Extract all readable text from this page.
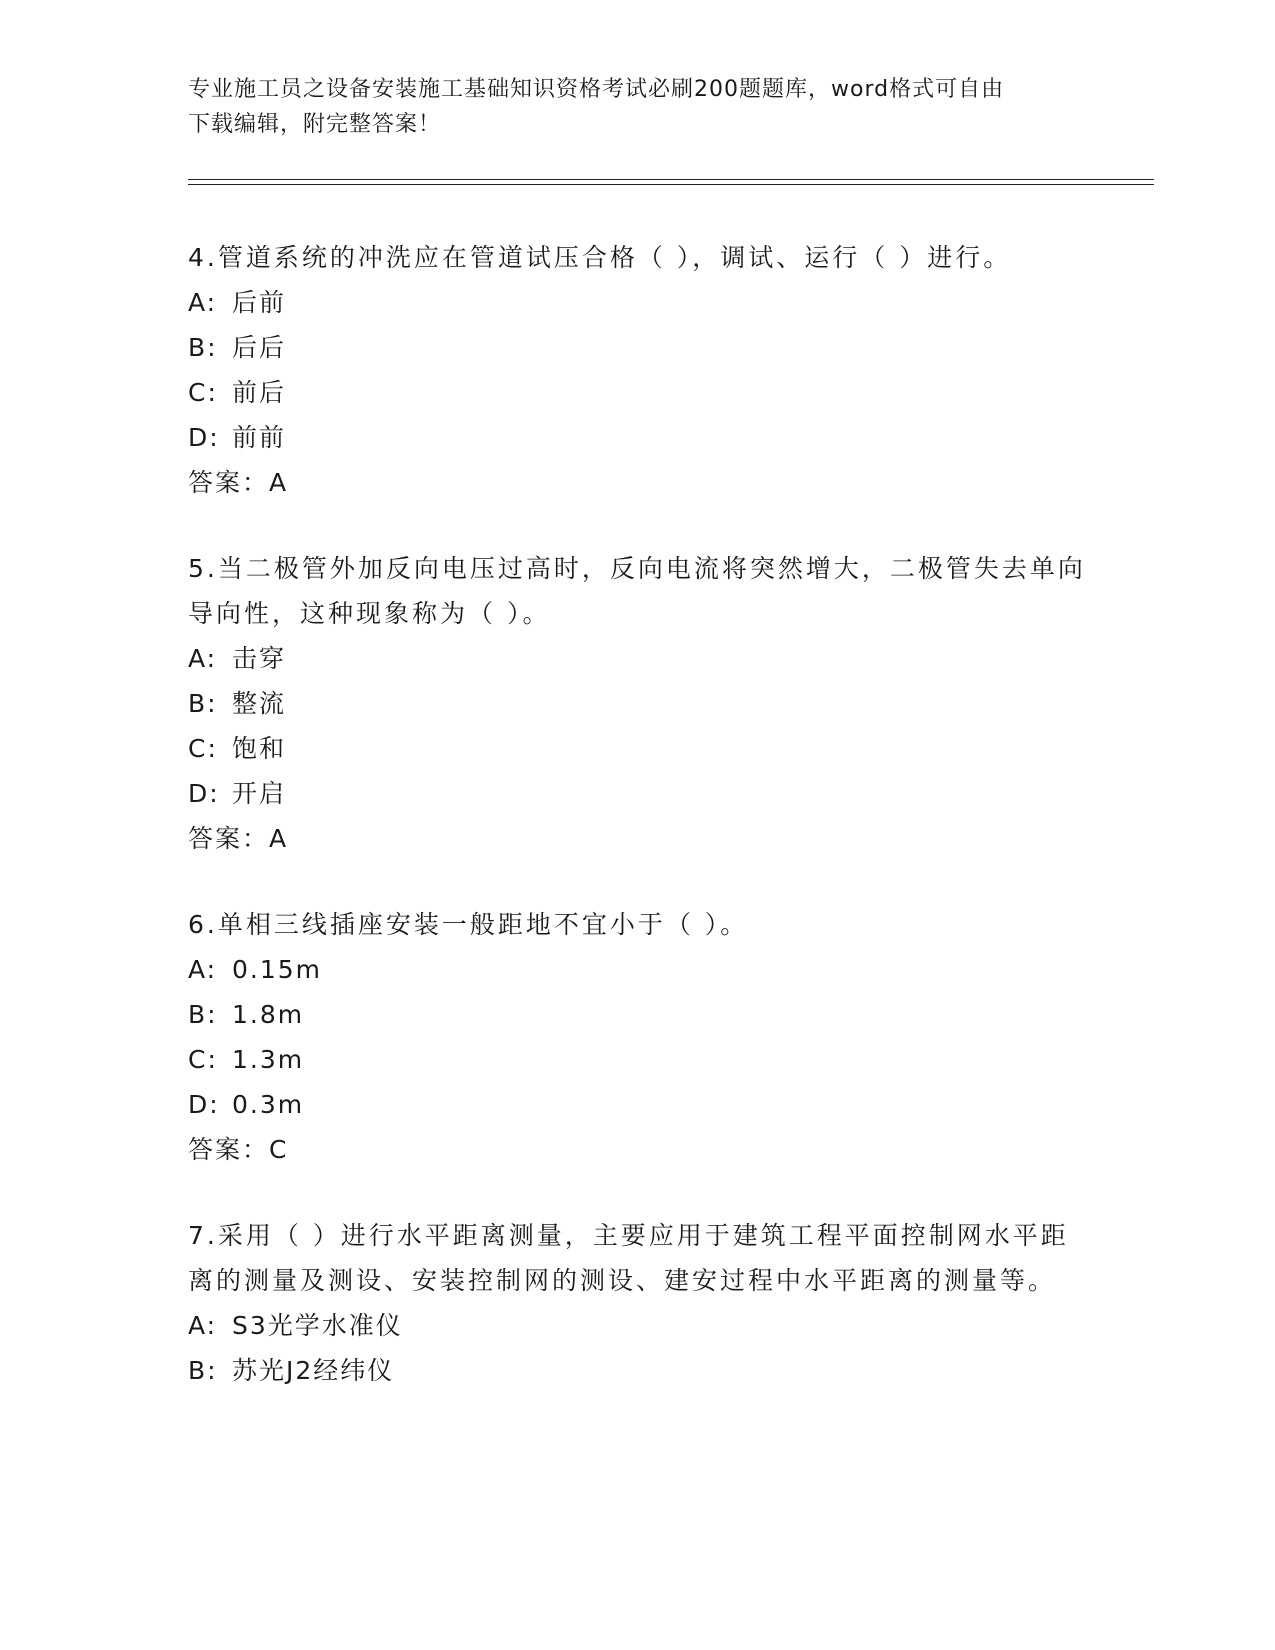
专业施工员之设备安装施工基础知识资格考试必刷200题题库，word格式可自由
下载编辑，附完整答案！

4.管道系统的冲洗应在管道试压合格（ ），调试、运行（ ）进行。

A: 后前
B: 后后
C: 前后
D: 前前
答案：A

5.当二极管外加反向电压过高时，反向电流将突然增大，二极管失去单向导向性，这种现象称为（ ）。

A: 击穿
B: 整流
C: 饱和
D: 开启
答案：A

6.单相三线插座安装一般距地不宜小于（ ）。

A: 0.15m
B: 1.8m
C: 1.3m
D: 0.3m
答案：C

7.采用（ ）进行水平距离测量，主要应用于建筑工程平面控制网水平距离的测量及测设、安装控制网的测设、建安过程中水平距离的测量等。

A: S3光学水准仪
B: 苏光J2经纬仪
